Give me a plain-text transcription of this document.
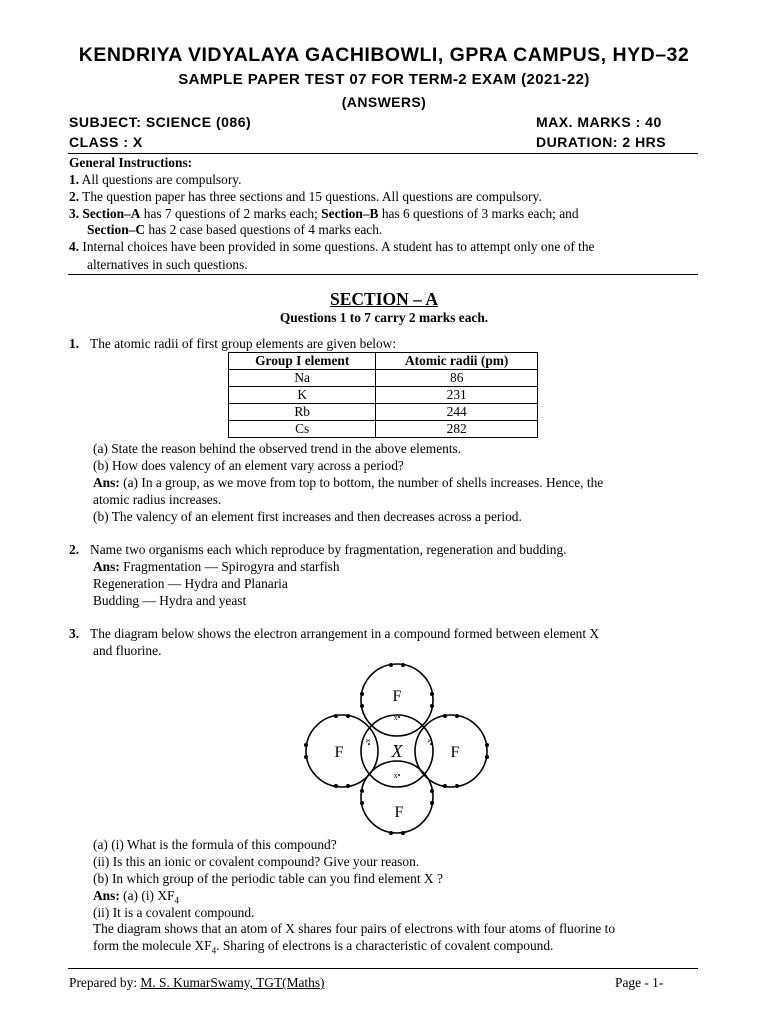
KENDRIYA VIDYALAYA GACHIBOWLI, GPRA CAMPUS, HYD–32
SAMPLE PAPER TEST 07 FOR TERM-2 EXAM (2021-22)
(ANSWERS)
SUBJECT: SCIENCE (086)	MAX. MARKS : 40
CLASS : X	DURATION: 2 HRS
General Instructions:
1. All questions are compulsory.
2. The question paper has three sections and 15 questions. All questions are compulsory.
3. Section–A has 7 questions of 2 marks each; Section–B has 6 questions of 3 marks each; and
Section–C has 2 case based questions of 4 marks each.
4. Internal choices have been provided in some questions. A student has to attempt only one of the
alternatives in such questions.
SECTION – A
Questions 1 to 7 carry 2 marks each.
1. The atomic radii of first group elements are given below:
Group I element	Atomic radii (pm)
Na	86
K	231
Rb	244
Cs	282
(a) State the reason behind the observed trend in the above elements.
(b) How does valency of an element vary across a period?
Ans: (a) In a group, as we move from top to bottom, the number of shells increases. Hence, the
atomic radius increases.
(b) The valency of an element first increases and then decreases across a period.
2. Name two organisms each which reproduce by fragmentation, regeneration and budding.
Ans: Fragmentation — Spirogyra and starfish
Regeneration — Hydra and Planaria
Budding — Hydra and yeast
3. The diagram below shows the electron arrangement in a compound formed between element X
and fluorine.
F
F	X	F
F
x•
x•
x•	x•
(a) (i) What is the formula of this compound?
(ii) Is this an ionic or covalent compound? Give your reason.
(b) In which group of the periodic table can you find element X ?
Ans: (a) (i) $XF_4$
(ii) It is a covalent compound.
The diagram shows that an atom of X shares four pairs of electrons with four atoms of fluorine to
form the molecule $XF_4$. Sharing of electrons is a characteristic of covalent compound.
Prepared by: M. S. KumarSwamy, TGT(Maths)	Page - 1-
